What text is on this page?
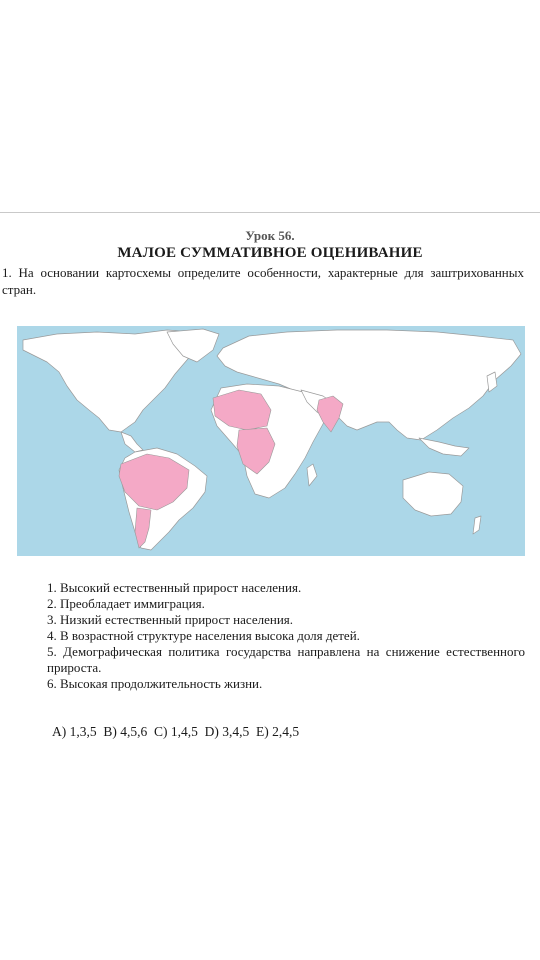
Урок 56.
МАЛОЕ СУММАТИВНОЕ ОЦЕНИВАНИЕ
1. На основании картосхемы определите особенности, характерные для заштрихованных стран.
1. Высокий естественный прирост населения.
2. Преобладает иммиграция.
3. Низкий естественный прирост населения.
4. В возрастной структуре населения высока доля детей.
5. Демографическая политика государства направлена на снижение естественного прироста.
6. Высокая продолжительность жизни.
A) 1,3,5  B) 4,5,6  C) 1,4,5  D) 3,4,5  E) 2,4,5
